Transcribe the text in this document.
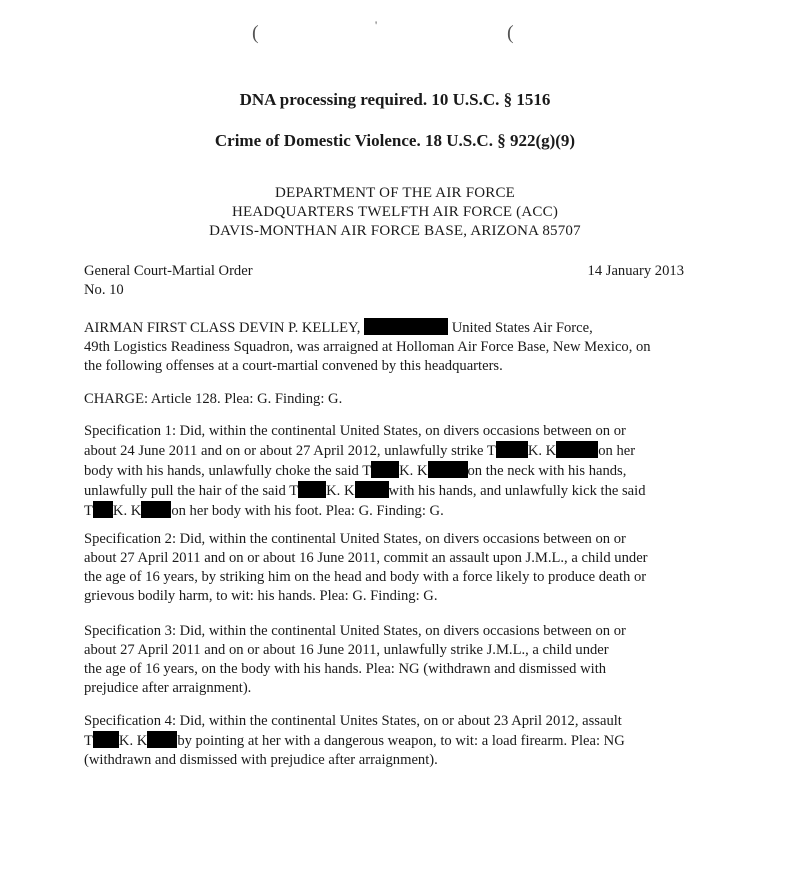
(	(
'
DNA processing required. 10 U.S.C. § 1516
Crime of Domestic Violence. 18 U.S.C. § 922(g)(9)
DEPARTMENT OF THE AIR FORCE
HEADQUARTERS TWELFTH AIR FORCE (ACC)
DAVIS-MONTHAN AIR FORCE BASE, ARIZONA 85707
General Court-Martial Order
No. 10
14 January 2013
AIRMAN FIRST CLASS DEVIN P. KELLEY,	United States Air Force,
49th Logistics Readiness Squadron, was arraigned at Holloman Air Force Base, New Mexico, on
the following offenses at a court-martial convened by this headquarters.
CHARGE: Article 128. Plea: G. Finding: G.
Specification 1: Did, within the continental United States, on divers occasions between on or
about 24 June 2011 and on or about 27 April 2012, unlawfully strike T K. K	on her
body with his hands, unlawfully choke the said T K. K	on the neck with his hands,
unlawfully pull the hair of the said T K. K with his hands, and unlawfully kick the said
T K. K on her body with his foot. Plea: G. Finding: G.
Specification 2: Did, within the continental United States, on divers occasions between on or
about 27 April 2011 and on or about 16 June 2011, commit an assault upon J.M.L., a child under
the age of 16 years, by striking him on the head and body with a force likely to produce death or
grievous bodily harm, to wit: his hands. Plea: G. Finding: G.
Specification 3: Did, within the continental United States, on divers occasions between on or
about 27 April 2011 and on or about 16 June 2011, unlawfully strike J.M.L., a child under
the age of 16 years, on the body with his hands. Plea: NG (withdrawn and dismissed with
prejudice after arraignment).
Specification 4: Did, within the continental Unites States, on or about 23 April 2012, assault
T K. K by pointing at her with a dangerous weapon, to wit: a load firearm. Plea: NG
(withdrawn and dismissed with prejudice after arraignment).
